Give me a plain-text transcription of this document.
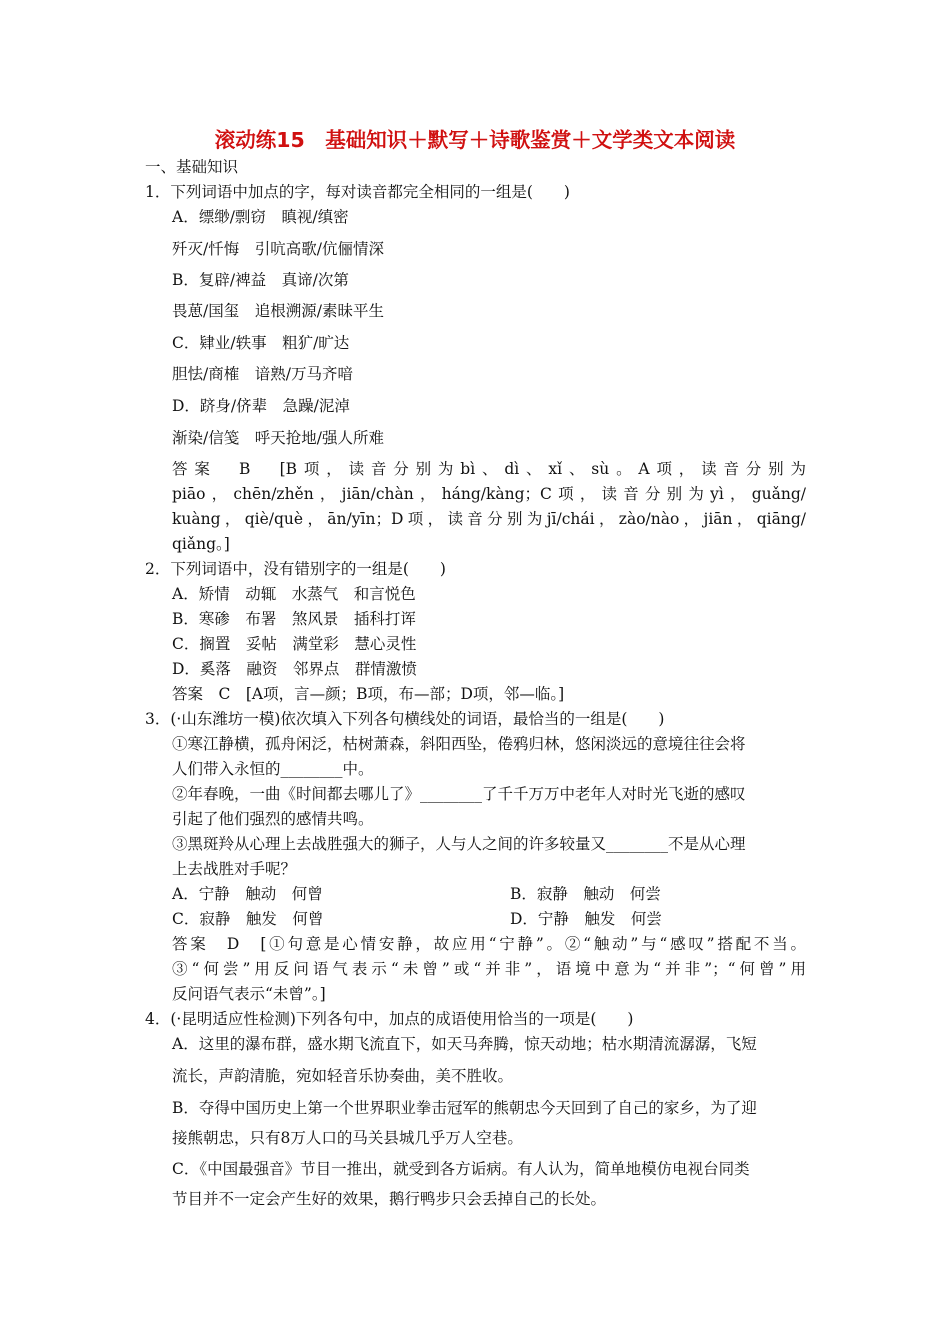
滚动练15　基础知识＋默写＋诗歌鉴赏＋文学类文本阅读
一、基础知识
1．下列词语中加点的字，每对读音都完全相同的一组是(　　)
A．缥缈/剽窃　瞋视/缜密
歼灭/忏悔　引吭高歌/伉俪情深
B．复辟/裨益　真谛/次第
畏葸/国玺　追根溯源/素昧平生
C．肄业/轶事　粗犷/旷达
胆怯/商榷　谙熟/万马齐喑
D．跻身/侪辈　急躁/泥淖
渐染/信笺　呼天抢地/强人所难
答案　B　[B项，读音分别为bì、dì、xǐ、sù。A项，读音分别为
piāo，chēn/zhěn，jiān/chàn，háng/kàng；C项，读音分别为yì，guǎng/
kuàng，qiè/què，ān/yīn；D项，读音分别为jī/chái，zào/nào，jiān，qiāng/
qiǎng。]
2．下列词语中，没有错别字的一组是(　　)
A．矫情　动辄　水蒸气　和言悦色
B．寒碜　布署　煞风景　插科打诨
C．搁置　妥帖　满堂彩　慧心灵性
D．奚落　融资　邻界点　群情激愤
答案　C　[A项，言—颜；B项，布—部；D项，邻—临。]
3．(·山东潍坊一模)依次填入下列各句横线处的词语，最恰当的一组是(　　)
①寒江静横，孤舟闲泛，枯树萧森，斜阳西坠，倦鸦归林，悠闲淡远的意境往往会将
人们带入永恒的________中。
②年春晚，一曲《时间都去哪儿了》________了千千万万中老年人对时光飞逝的感叹
引起了他们强烈的感情共鸣。
③黑斑羚从心理上去战胜强大的狮子，人与人之间的许多较量又________不是从心理
上去战胜对手呢？
A．宁静　触动　何曾	B．寂静　触动　何尝
C．寂静　触发　何曾	D．宁静　触发　何尝
答案　D　[①句意是心情安静，故应用“宁静”。②“触动”与“感叹”搭配不当。
③“何尝”用反问语气表示“未曾”或“并非”，语境中意为“并非”；“何曾”用
反问语气表示“未曾”。]
4．(·昆明适应性检测)下列各句中，加点的成语使用恰当的一项是(　　)
A．这里的瀑布群，盛水期飞流直下，如天马奔腾，惊天动地；枯水期清流潺潺，飞短
流长，声韵清脆，宛如轻音乐协奏曲，美不胜收。
B．夺得中国历史上第一个世界职业拳击冠军的熊朝忠今天回到了自己的家乡，为了迎
接熊朝忠，只有8万人口的马关县城几乎万人空巷。
C．《中国最强音》节目一推出，就受到各方诟病。有人认为，简单地模仿电视台同类
节目并不一定会产生好的效果，鹅行鸭步只会丢掉自己的长处。
